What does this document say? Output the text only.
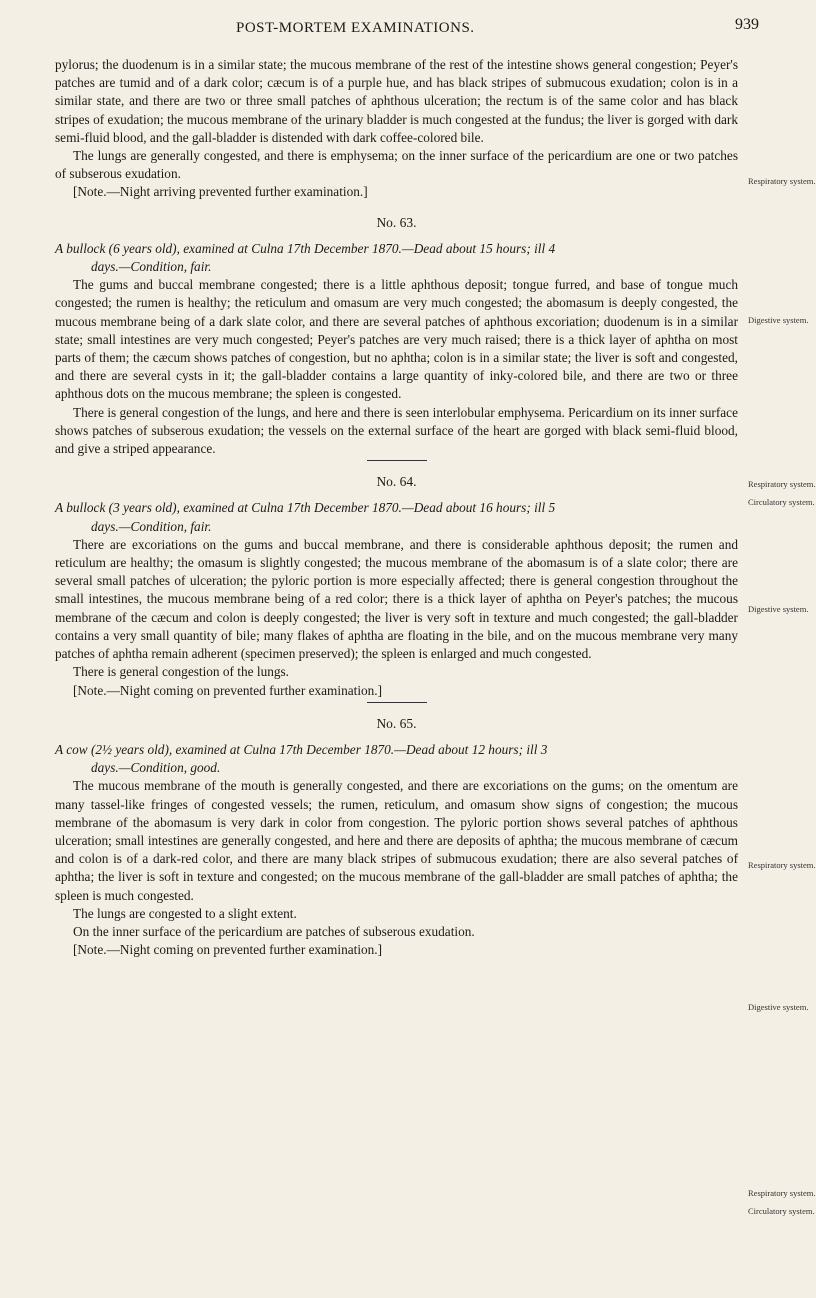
POST-MORTEM EXAMINATIONS.	939

pylorus; the duodenum is in a similar state; the mucous membrane of the rest of the intestine shows general congestion; Peyer's patches are tumid and of a dark color; cæcum is of a purple hue, and has black stripes of submucous exudation; colon is in a similar state, and there are two or three small patches of aphthous ulceration; the rectum is of the same color and has black stripes of exudation; the mucous membrane of the urinary bladder is much congested at the fundus; the liver is gorged with dark semi-fluid blood, and the gall-bladder is distended with dark coffee-colored bile.

The lungs are generally congested, and there is emphysema; on the inner surface of the pericardium are one or two patches of subserous exudation.

[Note.—Night arriving prevented further examination.]

No. 63.

A bullock (6 years old), examined at Culna 17th December 1870.—Dead about 15 hours; ill 4
days.—Condition, fair.

The gums and buccal membrane congested; there is a little aphthous deposit; tongue furred, and base of tongue much congested; the rumen is healthy; the reticulum and omasum are very much congested; the abomasum is deeply congested, the mucous membrane being of a dark slate color, and there are several patches of aphthous excoriation; duodenum is in a similar state; small intestines are very much congested; Peyer's patches are very much raised; there is a thick layer of aphtha on most parts of them; the cæcum shows patches of congestion, but no aphtha; colon is in a similar state; the liver is soft and congested, and there are several cysts in it; the gall-bladder contains a large quantity of inky-colored bile, and there are two or three aphthous dots on the mucous membrane; the spleen is congested.

There is general congestion of the lungs, and here and there is seen interlobular emphysema. Pericardium on its inner surface shows patches of subserous exudation; the vessels on the external surface of the heart are gorged with black semi-fluid blood, and give a striped appearance.

No. 64.

A bullock (3 years old), examined at Culna 17th December 1870.—Dead about 16 hours; ill 5
days.—Condition, fair.

There are excoriations on the gums and buccal membrane, and there is considerable aphthous deposit; the rumen and reticulum are healthy; the omasum is slightly congested; the mucous membrane of the abomasum is of a slate color; there are several small patches of ulceration; the pyloric portion is more especially affected; there is general congestion throughout the small intestines, the mucous membrane being of a red color; there is a thick layer of aphtha on Peyer's patches; the mucous membrane of the cæcum and colon is deeply congested; the liver is very soft in texture and much congested; the gall-bladder contains a very small quantity of bile; many flakes of aphtha are floating in the bile, and on the mucous membrane very many patches of aphtha remain adherent (specimen preserved); the spleen is enlarged and much congested.

There is general congestion of the lungs.

[Note.—Night coming on prevented further examination.]

No. 65.

A cow (2½ years old), examined at Culna 17th December 1870.—Dead about 12 hours; ill 3
days.—Condition, good.

The mucous membrane of the mouth is generally congested, and there are excoriations on the gums; on the omentum are many tassel-like fringes of congested vessels; the rumen, reticulum, and omasum show signs of congestion; the mucous membrane of the abomasum is very dark in color from congestion. The pyloric portion shows several patches of aphthous ulceration; small intestines are generally congested, and here and there are deposits of aphtha; the mucous membrane of cæcum and colon is of a dark-red color, and there are many black stripes of submucous exudation; there are also several patches of aphtha; the liver is soft in texture and congested; on the mucous membrane of the gall-bladder are small patches of aphtha; the spleen is much congested.

The lungs are congested to a slight extent.

On the inner surface of the pericardium are patches of subserous exudation.

[Note.—Night coming on prevented further examination.]

Respiratory system.
Digestive system.
Respiratory system.
Circulatory system.
Digestive system.
Respiratory system.
Digestive system.
Respiratory system.
Circulatory system.
